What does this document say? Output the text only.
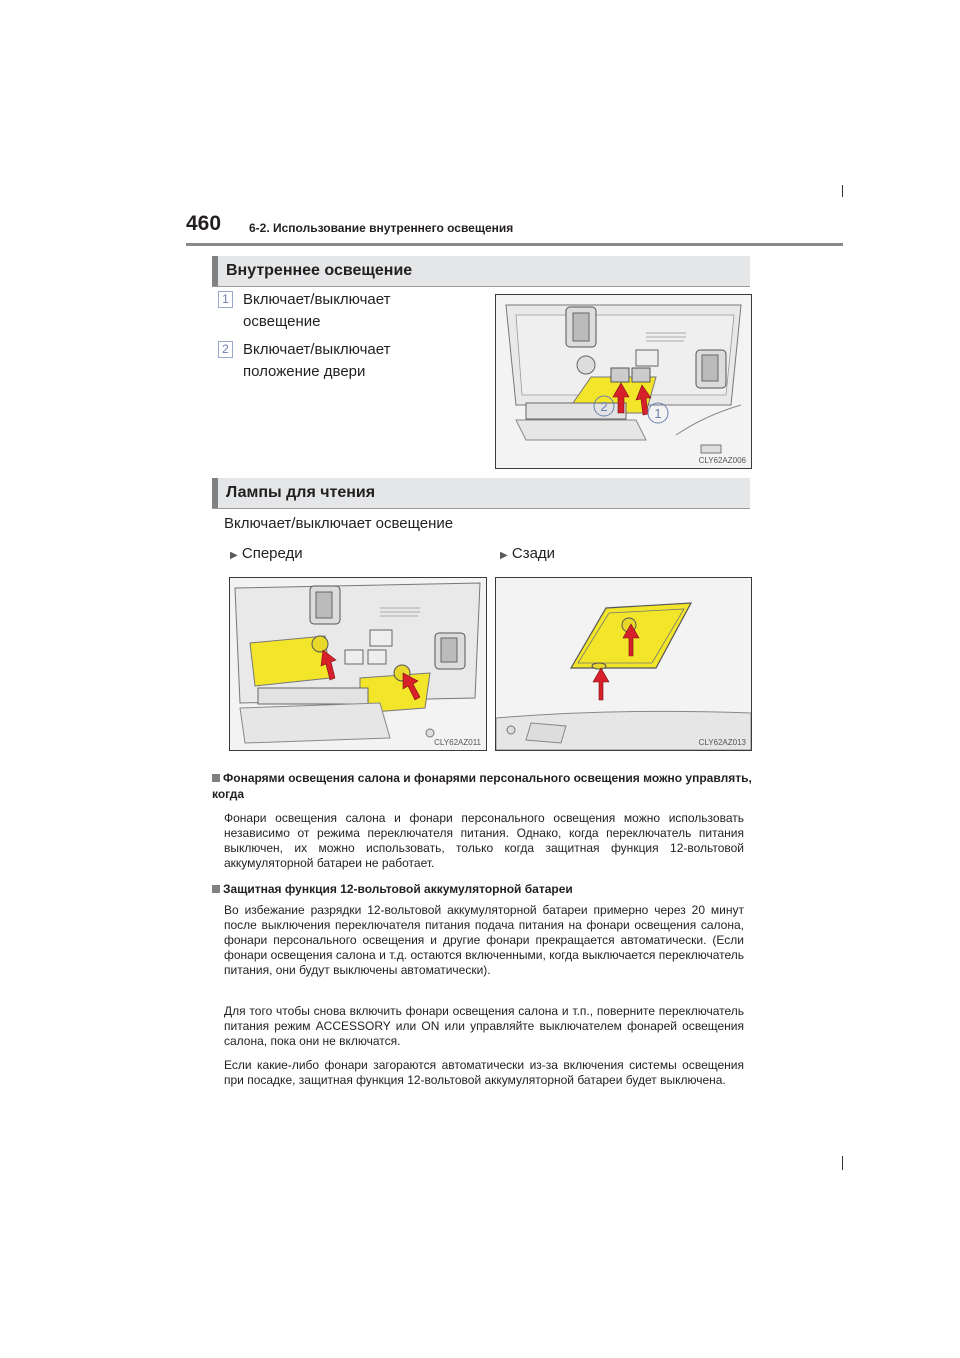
460 6-2. Использование внутреннего освещения
Внутреннее освещение
1 Включает/выключает
освещение
2 Включает/выключает
положение двери
2	1
CLY62AZ006
Лампы для чтения
Включает/выключает освещение
▶ Спереди	▶ Сзади
CLY62AZ011	CLY62AZ013
Фонарями освещения салона и фонарями персонального освещения можно управлять, когда
Фонари освещения салона и фонари персонального освещения можно использовать независимо от режима переключателя питания. Однако, когда переключатель питания выключен, их можно использовать, только когда защитная функция 12-вольтовой аккумуляторной батареи не работает.
Защитная функция 12-вольтовой аккумуляторной батареи
Во избежание разрядки 12-вольтовой аккумуляторной батареи примерно через 20 минут после выключения переключателя питания подача питания на фонари освещения салона, фонари персонального освещения и другие фонари прекращается автоматически. (Если фонари освещения салона и т.д. остаются включенными, когда выключается переключатель питания, они будут выключены автоматически).
Для того чтобы снова включить фонари освещения салона и т.п., поверните переключатель питания режим ACCESSORY или ON или управляйте выключателем фонарей освещения салона, пока они не включатся.
Если какие-либо фонари загораются автоматически из-за включения системы освещения при посадке, защитная функция 12-вольтовой аккумуляторной батареи будет выключена.
